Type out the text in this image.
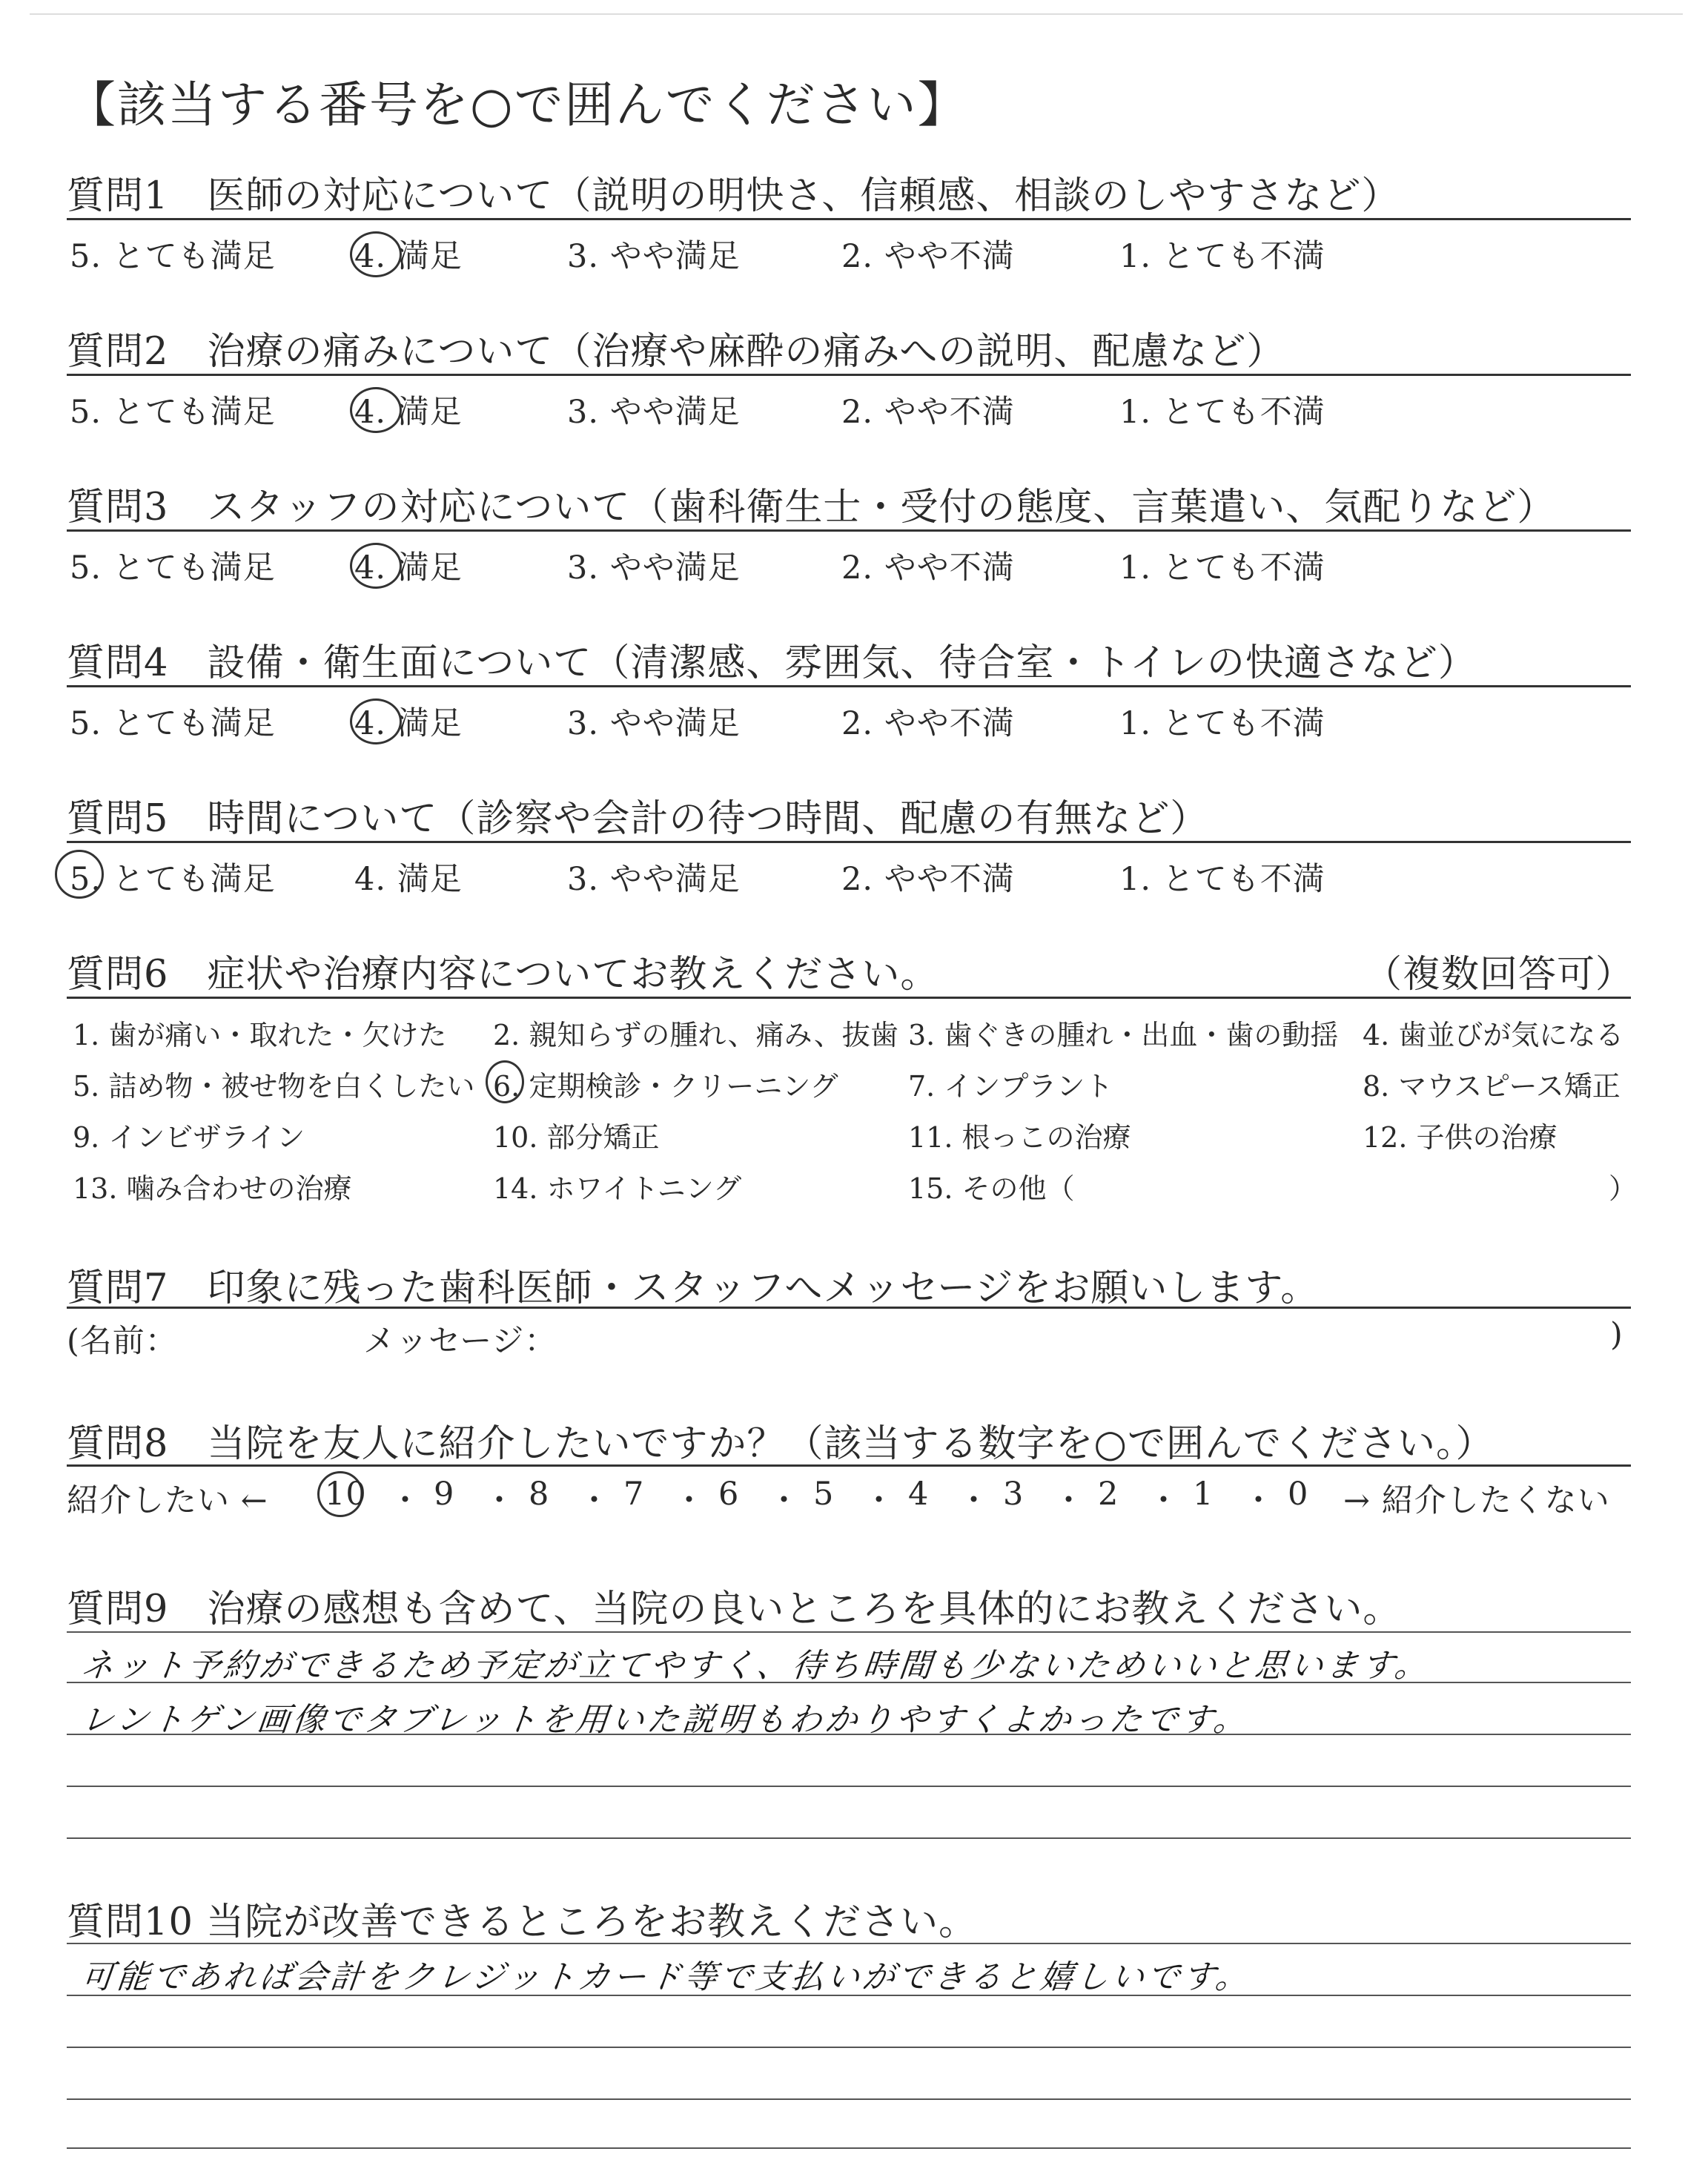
【該当する番号を○で囲んでください】
質問1　医師の対応について（説明の明快さ、信頼感、相談のしやすさなど）
5. とても満足 4. 満足	3. やや満足	2. やや不満	1. とても不満
質問2　治療の痛みについて（治療や麻酔の痛みへの説明、配慮など）
5. とても満足 4. 満足	3. やや満足	2. やや不満	1. とても不満
質問3　スタッフの対応について（歯科衛生士・受付の態度、言葉遣い、気配りなど）
5. とても満足 4. 満足	3. やや満足	2. やや不満	1. とても不満
質問4　設備・衛生面について（清潔感、雰囲気、待合室・トイレの快適さなど）
5. とても満足 4. 満足	3. やや満足	2. やや不満	1. とても不満
質問5　時間について（診察や会計の待つ時間、配慮の有無など）
5. とても満足 4. 満足	3. やや満足	2. やや不満	1. とても不満
質問6　症状や治療内容についてお教えください。	（複数回答可）
1. 歯が痛い・取れた・欠けた 2. 親知らずの腫れ、痛み、抜歯 3. 歯ぐきの腫れ・出血・歯の動揺 4. 歯並びが気になる
5. 詰め物・被せ物を白くしたい 6. 定期検診・クリーニング 7. インプラント	8. マウスピース矯正
9. インビザライン	10. 部分矯正	11. 根っこの治療	12. 子供の治療
13. 噛み合わせの治療	14. ホワイトニング	15. その他（	）
質問7　印象に残った歯科医師・スタッフへメッセージをお願いします。
(名前：	メッセージ：	)
質問8　当院を友人に紹介したいですか？（該当する数字を○で囲んでください。）
紹介したい ←	→ 紹介したくない
10 ・ 9 ・ 8 ・ 7 ・ 6 ・ 5 ・ 4 ・ 3 ・ 2 ・ 1 ・ 0
質問9　治療の感想も含めて、当院の良いところを具体的にお教えください。
ネット予約ができるため予定が立てやすく、待ち時間も少ないためいいと思います。
レントゲン画像でタブレットを用いた説明もわかりやすくよかったです。
質問10 当院が改善できるところをお教えください。
可能であれば会計をクレジットカード等で支払いができると嬉しいです。
